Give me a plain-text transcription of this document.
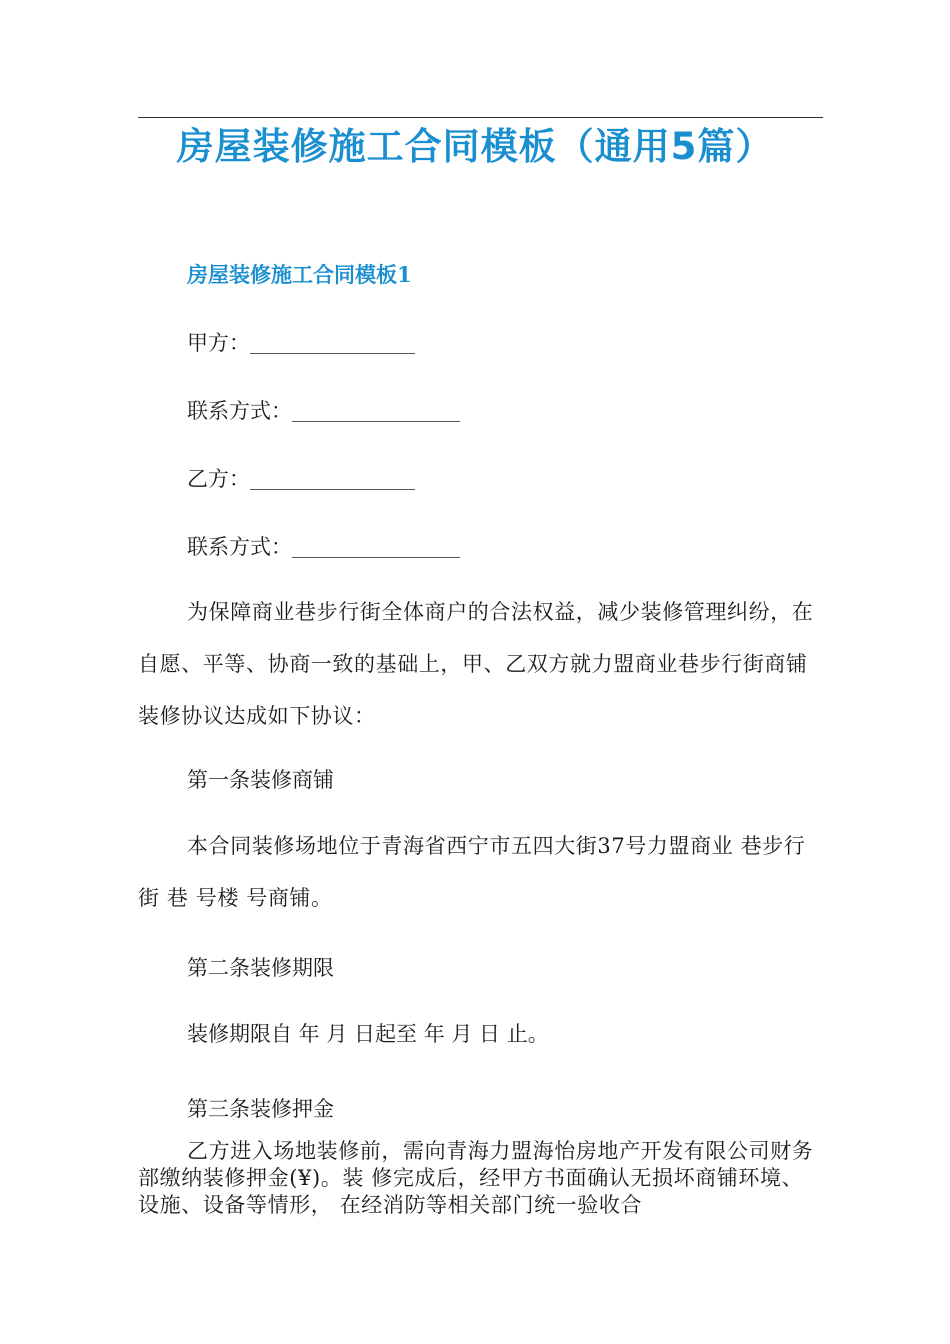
房屋装修施工合同模板（通用5篇）
房屋装修施工合同模板1
甲方：
联系方式：
乙方：
联系方式：
为保障商业巷步行街全体商户的合法权益，减少装修管理纠纷，在自愿、平等、协商一致的基础上，甲、乙双方就力盟商业巷步行街商铺装修协议达成如下协议：
第一条装修商铺
本合同装修场地位于青海省西宁市五四大街37号力盟商业 巷步行街 巷 号楼 号商铺。
第二条装修期限
装修期限自 年 月 日起至 年 月 日 止。
第三条装修押金
乙方进入场地装修前，需向青海力盟海怡房地产开发有限公司财务部缴纳装修押金(¥)。装 修完成后，经甲方书面确认无损坏商铺环境、设施、设备等情形， 在经消防等相关部门统一验收合
